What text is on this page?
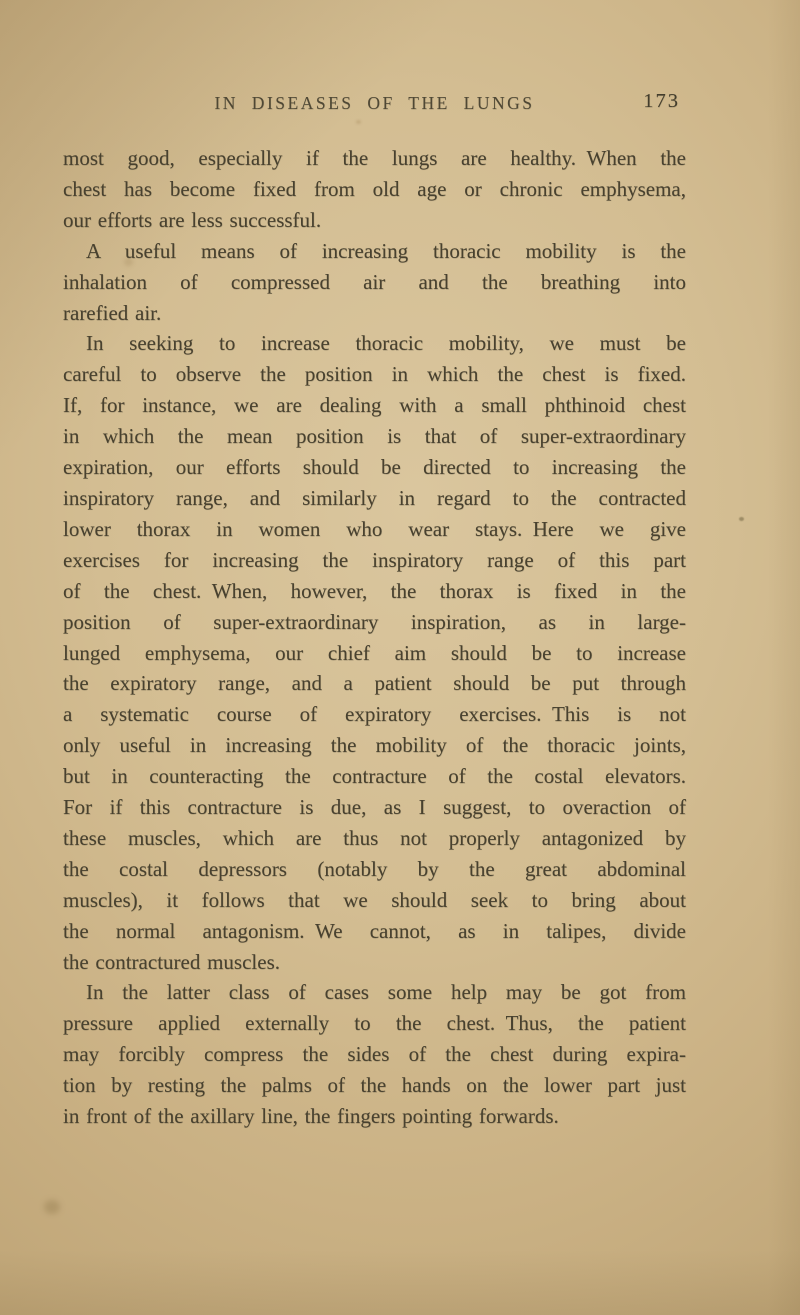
IN DISEASES OF THE LUNGS	173
most good, especially if the lungs are healthy. When the
chest has become fixed from old age or chronic emphysema,
our efforts are less successful.
A useful means of increasing thoracic mobility is the
inhalation of compressed air and the breathing into
rarefied air.
In seeking to increase thoracic mobility, we must be
careful to observe the position in which the chest is fixed.
If, for instance, we are dealing with a small phthinoid chest
in which the mean position is that of super-extraordinary
expiration, our efforts should be directed to increasing the
inspiratory range, and similarly in regard to the contracted
lower thorax in women who wear stays. Here we give
exercises for increasing the inspiratory range of this part
of the chest. When, however, the thorax is fixed in the
position of super-extraordinary inspiration, as in large-
lunged emphysema, our chief aim should be to increase
the expiratory range, and a patient should be put through
a systematic course of expiratory exercises. This is not
only useful in increasing the mobility of the thoracic joints,
but in counteracting the contracture of the costal elevators.
For if this contracture is due, as I suggest, to overaction of
these muscles, which are thus not properly antagonized by
the costal depressors (notably by the great abdominal
muscles), it follows that we should seek to bring about
the normal antagonism. We cannot, as in talipes, divide
the contractured muscles.
In the latter class of cases some help may be got from
pressure applied externally to the chest. Thus, the patient
may forcibly compress the sides of the chest during expira-
tion by resting the palms of the hands on the lower part just
in front of the axillary line, the fingers pointing forwards.
